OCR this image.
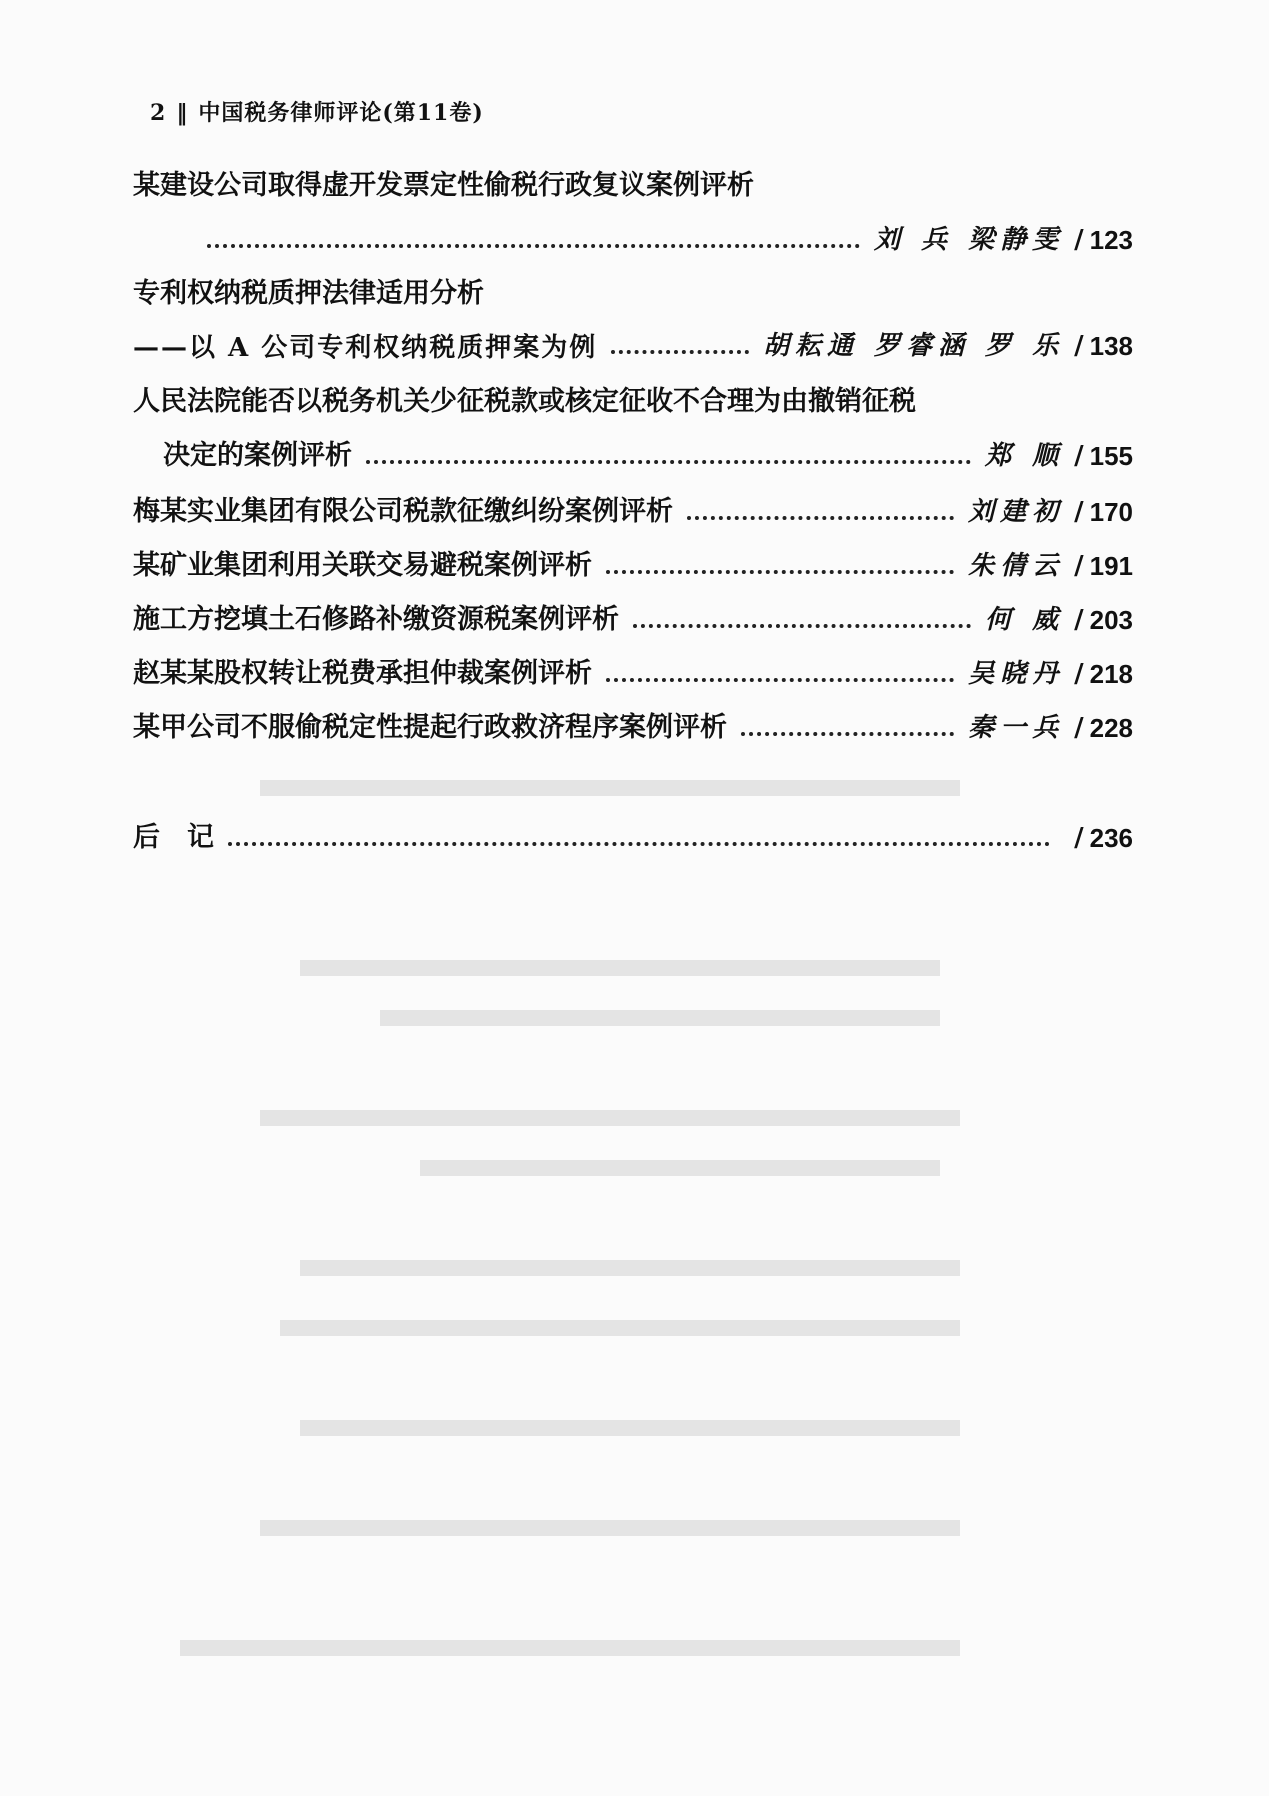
2 ‖ 中国税务律师评论(第11卷)
某建设公司取得虚开发票定性偷税行政复议案例评析
刘 兵 梁静雯 / 123
专利权纳税质押法律适用分析
——以 A 公司专利权纳税质押案为例	胡耘通 罗睿涵 罗 乐 / 138
人民法院能否以税务机关少征税款或核定征收不合理为由撤销征税
决定的案例评析	郑 顺 / 155
梅某实业集团有限公司税款征缴纠纷案例评析	刘建初 / 170
某矿业集团利用关联交易避税案例评析	朱倩云 / 191
施工方挖填土石修路补缴资源税案例评析	何 威 / 203
赵某某股权转让税费承担仲裁案例评析	吴晓丹 / 218
某甲公司不服偷税定性提起行政救济程序案例评析	秦一兵 / 228
后　记	/ 236
